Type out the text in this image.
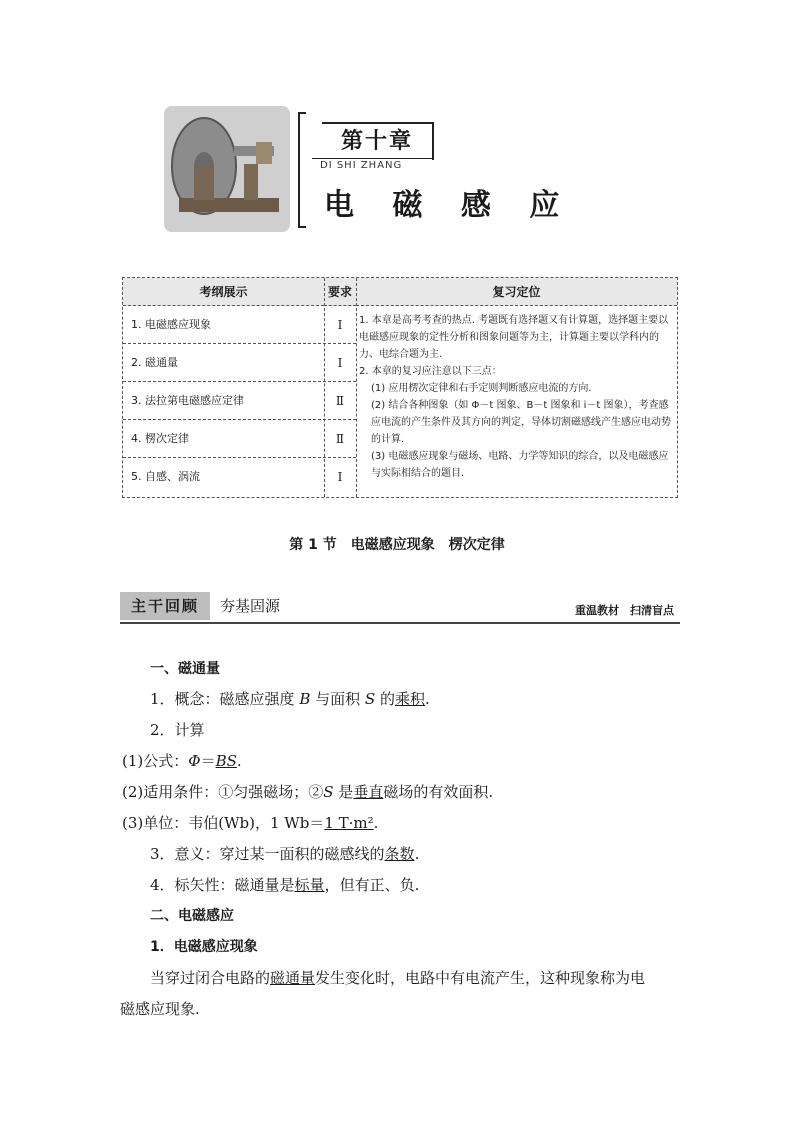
第十章
DI SHI ZHANG
电 磁 感 应
考纲展示	要求	复习定位
1. 电磁感应现象	Ⅰ
2. 磁通量	Ⅰ
3. 法拉第电磁感应定律	Ⅱ
4. 楞次定律	Ⅱ
5. 自感、涡流	Ⅰ

1. 本章是高考考查的热点. 考题既有选择题又有计算题，选择题主要以电磁感应现象的定性分析和图象问题等为主，计算题主要以学科内的力、电综合题为主.

2. 本章的复习应注意以下三点：

(1) 应用楞次定律和右手定则判断感应电流的方向.

(2) 结合各种图象（如 Φ－t 图象、B－t 图象和 i－t 图象），考查感应电流的产生条件及其方向的判定，导体切割磁感线产生感应电动势的计算.

(3) 电磁感应现象与磁场、电路、力学等知识的综合，以及电磁感应与实际相结合的题目.

第 1 节　电磁感应现象　楞次定律
主干回顾	夯基固源	重温教材　扫清盲点
一、磁通量
1．概念：磁感应强度 B 与面积 S 的乘积.
2．计算
(1)公式：Φ＝BS.
(2)适用条件：①匀强磁场；②S 是垂直磁场的有效面积.
(3)单位：韦伯(Wb)，1 Wb＝1 T·m².
3．意义：穿过某一面积的磁感线的条数.
4．标矢性：磁通量是标量，但有正、负.
二、电磁感应
1．电磁感应现象
当穿过闭合电路的磁通量发生变化时，电路中有电流产生，这种现象称为电
磁感应现象.
